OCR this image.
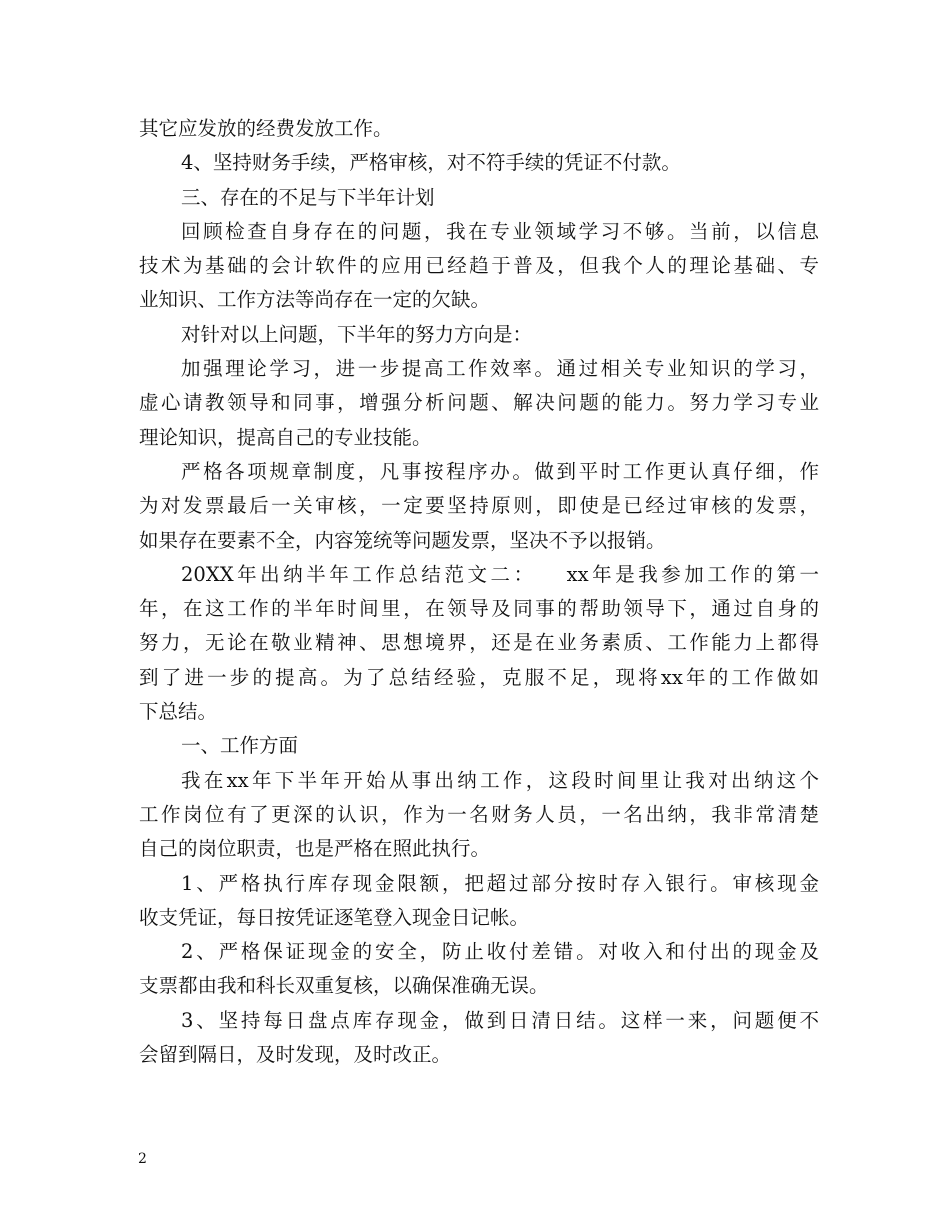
其它应发放的经费发放工作。
4、坚持财务手续，严格审核，对不符手续的凭证不付款。
三、存在的不足与下半年计划
回顾检查自身存在的问题，我在专业领域学习不够。当前，以信息
技术为基础的会计软件的应用已经趋于普及，但我个人的理论基础、专
业知识、工作方法等尚存在一定的欠缺。
对针对以上问题，下半年的努力方向是：
加强理论学习，进一步提高工作效率。通过相关专业知识的学习，
虚心请教领导和同事，增强分析问题、解决问题的能力。努力学习专业
理论知识，提高自己的专业技能。
严格各项规章制度，凡事按程序办。做到平时工作更认真仔细，作
为对发票最后一关审核，一定要坚持原则，即使是已经过审核的发票，
如果存在要素不全，内容笼统等问题发票，坚决不予以报销。
20XX年出纳半年工作总结范文二： xx年是我参加工作的第一
年，在这工作的半年时间里，在领导及同事的帮助领导下，通过自身的
努力，无论在敬业精神、思想境界，还是在业务素质、工作能力上都得
到了进一步的提高。为了总结经验，克服不足，现将xx年的工作做如
下总结。
一、工作方面
我在xx年下半年开始从事出纳工作，这段时间里让我对出纳这个
工作岗位有了更深的认识，作为一名财务人员，一名出纳，我非常清楚
自己的岗位职责，也是严格在照此执行。
1、严格执行库存现金限额，把超过部分按时存入银行。审核现金
收支凭证，每日按凭证逐笔登入现金日记帐。
2、严格保证现金的安全，防止收付差错。对收入和付出的现金及
支票都由我和科长双重复核，以确保准确无误。
3、坚持每日盘点库存现金，做到日清日结。这样一来，问题便不
会留到隔日，及时发现，及时改正。
2
